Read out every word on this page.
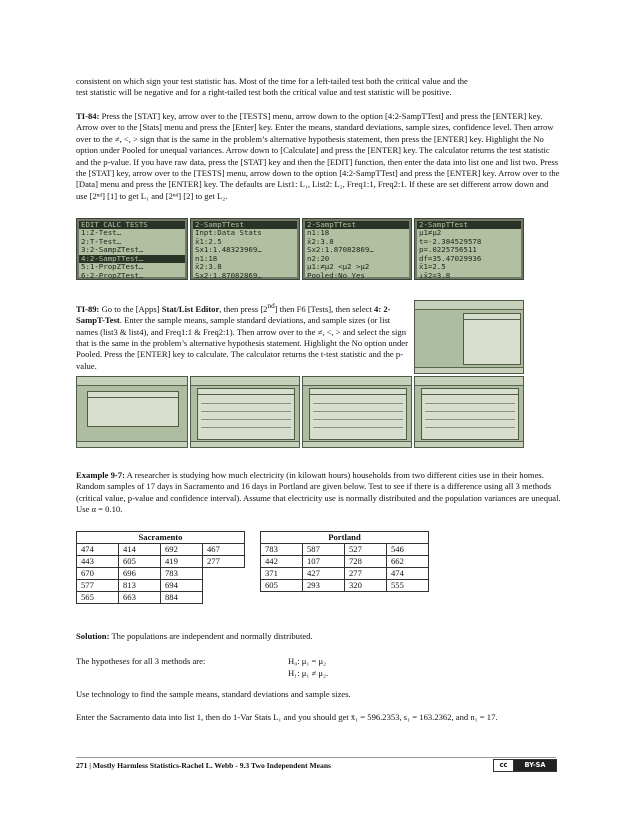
consistent on which sign your test statistic has. Most of the time for a left-tailed test both the critical value and the
test statistic will be negative and for a right-tailed test both the critical value and test statistic will be positive.

TI-84: Press the [STAT] key, arrow over to the [TESTS] menu, arrow down to the option [4:2-SampTTest] and press the [ENTER] key. Arrow over to the [Stats] menu and press the [Enter] key. Enter the means, standard deviations, sample sizes, confidence level. Then arrow over to the ≠, <, > sign that is the same in the problem’s alternative hypothesis statement, then press the [ENTER] key. Highlight the No option under Pooled for unequal variances. Arrow down to [Calculate] and press the [ENTER] key. The calculator returns the test statistic and the p-value. If you have raw data, press the [STAT] key and then the [EDIT] function, then enter the data into list one and list two. Press the [STAT] key, arrow over to the [TESTS] menu, arrow down to the option [4:2-SampTTest] and press the [ENTER] key. Arrow over to the [Data] menu and press the [ENTER] key. The defaults are List1: L₁, List2: L₂, Freq1:1, Freq2:1. If these are set different arrow down and use [2ⁿᵈ] [1] to get L₁ and [2ⁿᵈ] [2] to get L₂.

EDIT CALC TESTS
1:Z-Test…
2:T-Test…
3:2-SampZTest…
4:2-SampTTest…
5:1-PropZTest…
6:2-PropZTest…
2-SampTTest
Inpt:Data Stats
x̄1:2.5
Sx1:1.48323969…
n1:18
x̄2:3.8
Sx2:1.87082869…
2-SampTTest
n1:18
x̄2:3.8
Sx2:1.87082869…
n2:20
μ1:≠μ2 <μ2 >μ2
Pooled:No Yes
2-SampTTest
μ1≠μ2
t=-2.384529578
p=.0225756511
df=35.47029936
x̄1=2.5
↓x̄2=3.8

TI-89: Go to the [Apps] Stat/List Editor, then press [2nd] then F6 [Tests], then select 4: 2-SampT-Test. Enter the sample means, sample standard deviations, and sample sizes (or list names (list3 & list4), and Freq1:1 & Freq2:1). Then arrow over to the ≠, <, > and select the sign that is the same in the problem’s alternative hypothesis statement. Highlight the No option under Pooled. Press the [ENTER] key to calculate. The calculator returns the t-test statistic and the p-value.

Example 9-7: A researcher is studying how much electricity (in kilowatt hours) households from two different cities use in their homes. Random samples of 17 days in Sacramento and 16 days in Portland are given below. Test to see if there is a difference using all 3 methods (critical value, p-value and confidence interval). Assume that electricity use is normally distributed and the population variances are unequal. Use α = 0.10.

Sacramento			
474	414	692	467
443	605	419	277
670	696	783	
577	813	694	
565	663	884	
Portland			
783	587	527	546
442	107	728	662
371	427	277	474
605	293	320	555

Solution: The populations are independent and normally distributed.

The hypotheses for all 3 methods are:	H₀: μ₁ = μ₂

H₁: μ₁ ≠ μ₂.

Use technology to find the sample means, standard deviations and sample sizes.

Enter the Sacramento data into list 1, then do 1-Var Stats L₁ and you should get x̄₁ = 596.2353, s₁ = 163.2362, and n₁ = 17.

271 | Mostly Harmless Statistics-Rachel L. Webb - 9.3 Two Independent Means	cc	BY-SA
